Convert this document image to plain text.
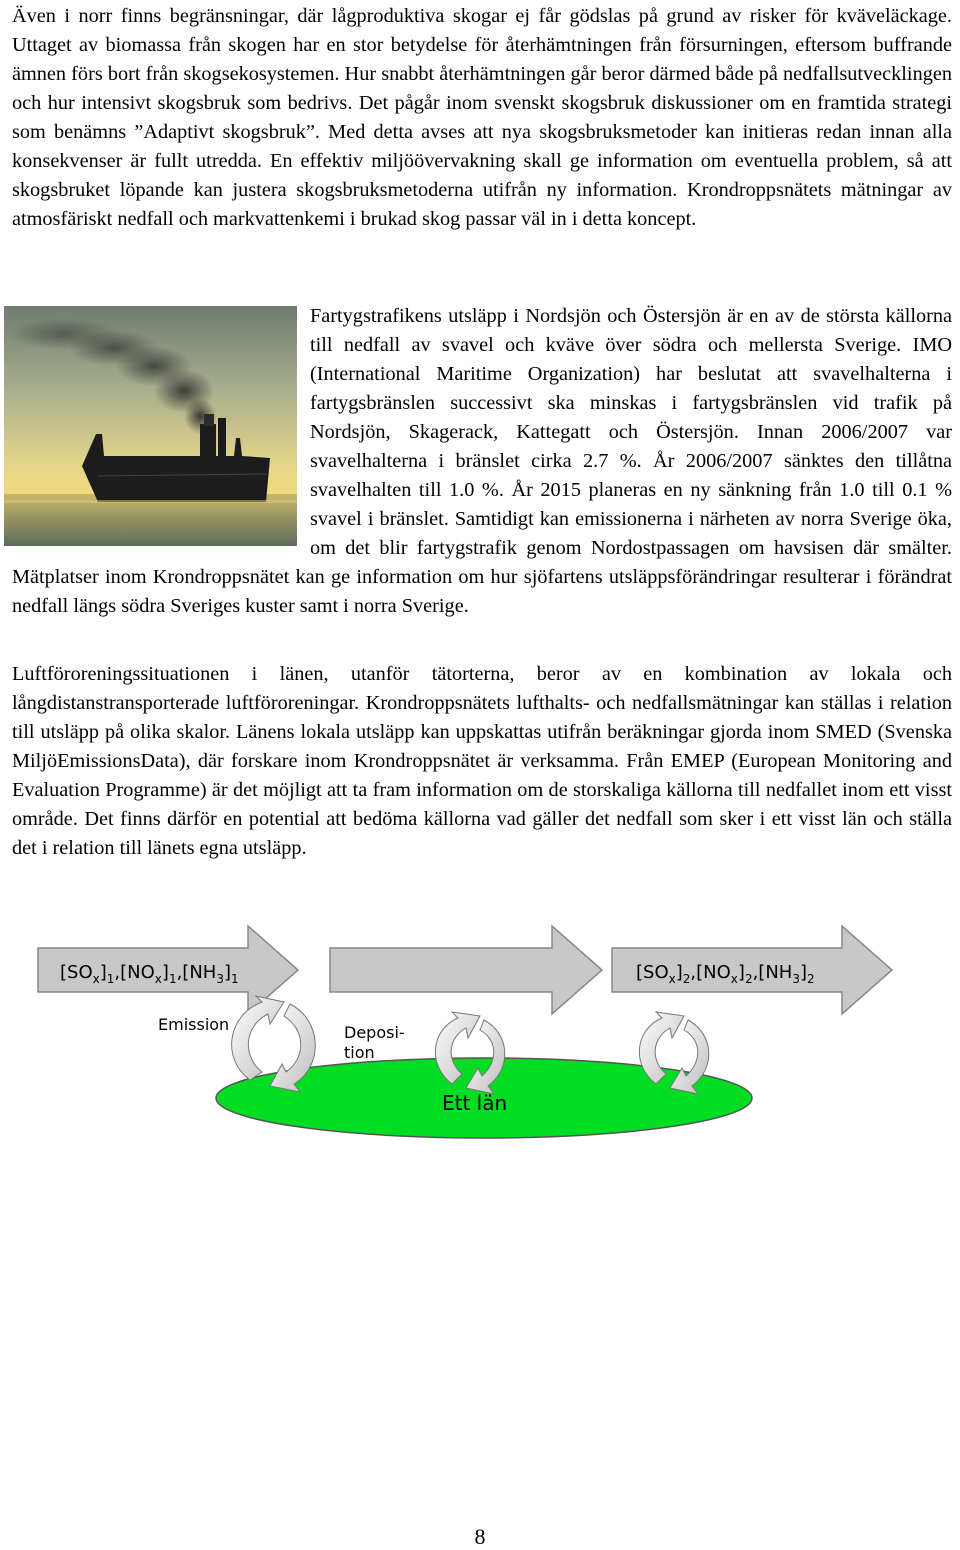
Även i norr finns begränsningar, där lågproduktiva skogar ej får gödslas på grund av risker för kväveläckage. Uttaget av biomassa från skogen har en stor betydelse för återhämtningen från försurningen, eftersom buffrande ämnen förs bort från skogsekosystemen. Hur snabbt återhämtningen går beror därmed både på nedfallsutvecklingen och hur intensivt skogsbruk som bedrivs. Det pågår inom svenskt skogsbruk diskussioner om en framtida strategi som benämns ”Adaptivt skogsbruk”. Med detta avses att nya skogsbruksmetoder kan initieras redan innan alla konsekvenser är fullt utredda. En effektiv miljöövervakning skall ge information om eventuella problem, så att skogsbruket löpande kan justera skogsbruksmetoderna utifrån ny information. Krondroppsnätets mätningar av atmosfäriskt nedfall och markvattenkemi i brukad skog passar väl in i detta koncept.

Fartygstrafikens utsläpp i Nordsjön och Östersjön är en av de största källorna till nedfall av svavel och kväve över södra och mellersta Sverige. IMO (International Maritime Organization) har beslutat att svavelhalterna i fartygsbränslen successivt ska minskas i fartygsbränslen vid trafik på Nordsjön, Skagerack, Kattegatt och Östersjön. Innan 2006/2007 var svavelhalterna i bränslet cirka 2.7 %. År 2006/2007 sänktes den tillåtna svavelhalten till 1.0 %. År 2015 planeras en ny sänkning från 1.0 till 0.1 % svavel i bränslet. Samtidigt kan emissionerna i närheten av norra Sverige öka, om det blir fartygstrafik genom Nordostpassagen om havsisen där smälter. Mätplatser inom Krondroppsnätet kan ge information om hur sjöfartens utsläppsförändringar resulterar i förändrat nedfall längs södra Sveriges kuster samt i norra Sverige.

Luftföroreningssituationen i länen, utanför tätorterna, beror av en kombination av lokala och långdistanstransporterade luftföroreningar. Krondroppsnätets lufthalts- och nedfallsmätningar kan ställas i relation till utsläpp på olika skalor. Länens lokala utsläpp kan uppskattas utifrån beräkningar gjorda inom SMED (Svenska MiljöEmissionsData), där forskare inom Krondroppsnätet är verksamma. Från EMEP (European Monitoring and Evaluation Programme) är det möjligt att ta fram information om de storskaliga källorna till nedfallet inom ett visst område. Det finns därför en potential att bedöma källorna vad gäller det nedfall som sker i ett visst län och ställa det i relation till länets egna utsläpp.

$[SO_x]_1,[NO_x]_1,[NH_3]_1$	$[SO_x]_2,[NO_x]_2,[NH_3]_2$
Emission	Deposi-
tion
Ett län
8
